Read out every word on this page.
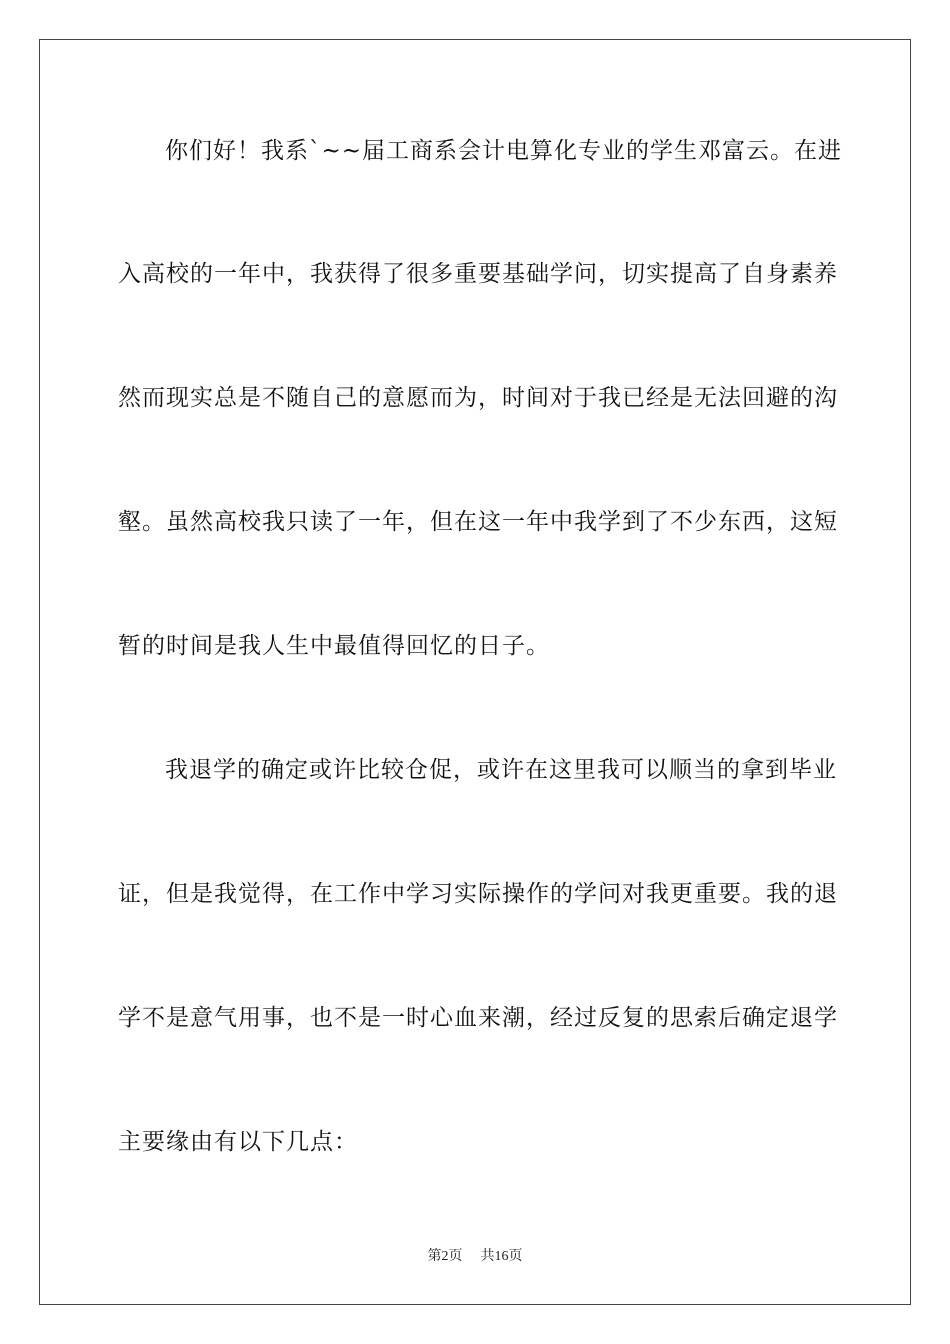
你们好！我系`~~届工商系会计电算化专业的学生邓富云。在进
入高校的一年中，我获得了很多重要基础学问，切实提高了自身素养
然而现实总是不随自己的意愿而为，时间对于我已经是无法回避的沟
壑。虽然高校我只读了一年，但在这一年中我学到了不少东西，这短
暂的时间是我人生中最值得回忆的日子。
我退学的确定或许比较仓促，或许在这里我可以顺当的拿到毕业
证，但是我觉得，在工作中学习实际操作的学问对我更重要。我的退
学不是意气用事，也不是一时心血来潮，经过反复的思索后确定退学
主要缘由有以下几点：
第2页 共16页
